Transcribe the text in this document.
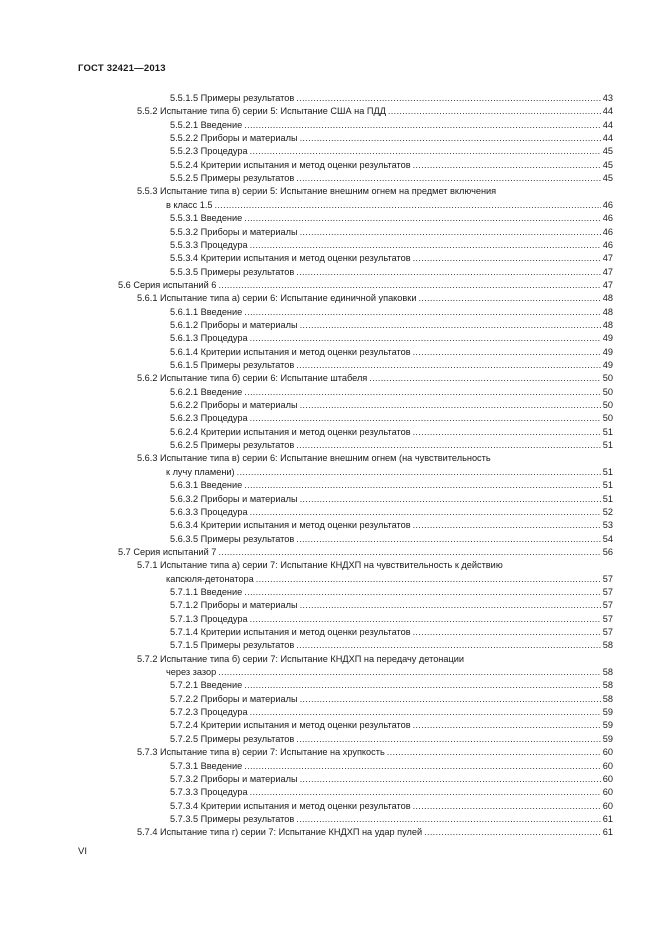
ГОСТ 32421—2013
5.5.1.5 Примеры результатов .....	43
5.5.2 Испытание типа б) серии 5: Испытание США на ПДД .....	44
5.5.2.1 Введение .....	44
5.5.2.2 Приборы и материалы .....	44
5.5.2.3 Процедура .....	45
5.5.2.4 Критерии испытания и метод оценки результатов .....	45
5.5.2.5 Примеры результатов .....	45
5.5.3 Испытание типа в) серии 5: Испытание внешним огнем на предмет включения
в класс 1.5 .....	46
5.5.3.1 Введение .....	46
5.5.3.2 Приборы и материалы .....	46
5.5.3.3 Процедура .....	46
5.5.3.4 Критерии испытания и метод оценки результатов .....	47
5.5.3.5 Примеры результатов .....	47
5.6 Серия испытаний 6 .....	47
5.6.1 Испытание типа а) серии 6: Испытание единичной упаковки .....	48
5.6.1.1 Введение .....	48
5.6.1.2 Приборы и материалы .....	48
5.6.1.3 Процедура .....	49
5.6.1.4 Критерии испытания и метод оценки результатов .....	49
5.6.1.5 Примеры результатов .....	49
5.6.2 Испытание типа б) серии 6: Испытание штабеля .....	50
5.6.2.1 Введение .....	50
5.6.2.2 Приборы и материалы .....	50
5.6.2.3 Процедура .....	50
5.6.2.4 Критерии испытания и метод оценки результатов .....	51
5.6.2.5 Примеры результатов .....	51
5.6.3 Испытание типа в) серии 6: Испытание внешним огнем (на чувствительность
к лучу пламени) .....	51
5.6.3.1 Введение .....	51
5.6.3.2 Приборы и материалы .....	51
5.6.3.3 Процедура .....	52
5.6.3.4 Критерии испытания и метод оценки результатов .....	53
5.6.3.5 Примеры результатов .....	54
5.7 Серия испытаний 7 .....	56
5.7.1 Испытание типа а) серии 7: Испытание КНДХП на чувствительность к действию
капсюля-детонатора .....	57
5.7.1.1 Введение .....	57
5.7.1.2 Приборы и материалы .....	57
5.7.1.3 Процедура .....	57
5.7.1.4 Критерии испытания и метод оценки результатов .....	57
5.7.1.5 Примеры результатов .....	58
5.7.2 Испытание типа б) серии 7: Испытание КНДХП на передачу детонации
через зазор .....	58
5.7.2.1 Введение .....	58
5.7.2.2 Приборы и материалы .....	58
5.7.2.3 Процедура .....	59
5.7.2.4 Критерии испытания и метод оценки результатов .....	59
5.7.2.5 Примеры результатов .....	59
5.7.3 Испытание типа в) серии 7: Испытание на хрупкость .....	60
5.7.3.1 Введение .....	60
5.7.3.2 Приборы и материалы .....	60
5.7.3.3 Процедура .....	60
5.7.3.4 Критерии испытания и метод оценки результатов .....	60
5.7.3.5 Примеры результатов .....	61
5.7.4 Испытание типа г) серии 7: Испытание КНДХП на удар пулей .....	61
VI
